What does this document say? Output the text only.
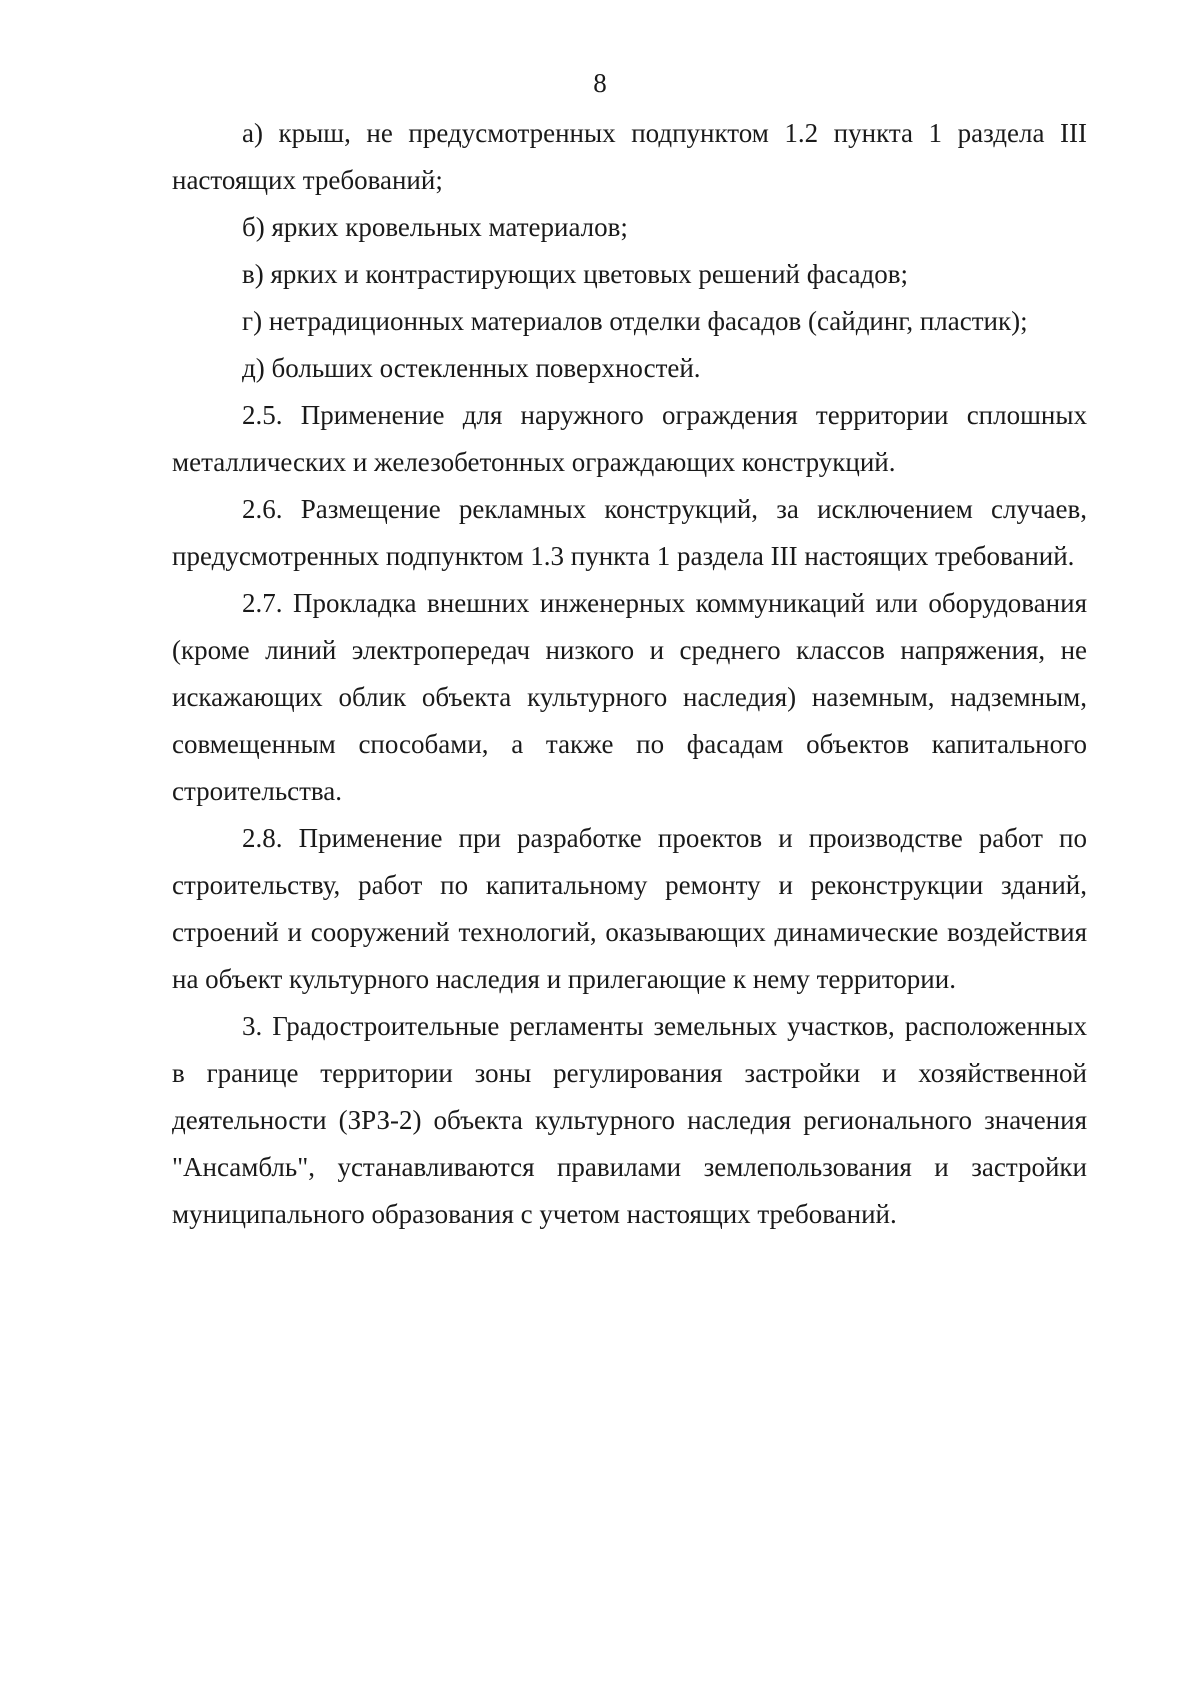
8

а) крыш, не предусмотренных подпунктом 1.2 пункта 1 раздела III настоящих требований;

б) ярких кровельных материалов;

в) ярких и контрастирующих цветовых решений фасадов;

г) нетрадиционных материалов отделки фасадов (сайдинг, пластик);

д) больших остекленных поверхностей.

2.5. Применение для наружного ограждения территории сплошных металлических и железобетонных ограждающих конструкций.

2.6. Размещение рекламных конструкций, за исключением случаев, предусмотренных подпунктом 1.3 пункта 1 раздела III настоящих требований.

2.7. Прокладка внешних инженерных коммуникаций или оборудования (кроме линий электропередач низкого и среднего классов напряжения, не искажающих облик объекта культурного наследия) наземным, надземным, совмещенным способами, а также по фасадам объектов капитального строительства.

2.8. Применение при разработке проектов и производстве работ по строительству, работ по капитальному ремонту и реконструкции зданий, строений и сооружений технологий, оказывающих динамические воздействия на объект культурного наследия и прилегающие к нему территории.

3. Градостроительные регламенты земельных участков, расположенных в границе территории зоны регулирования застройки и хозяйственной деятельности (ЗРЗ-2) объекта культурного наследия регионального значения "Ансамбль", устанавливаются правилами землепользования и застройки муниципального образования с учетом настоящих требований.
